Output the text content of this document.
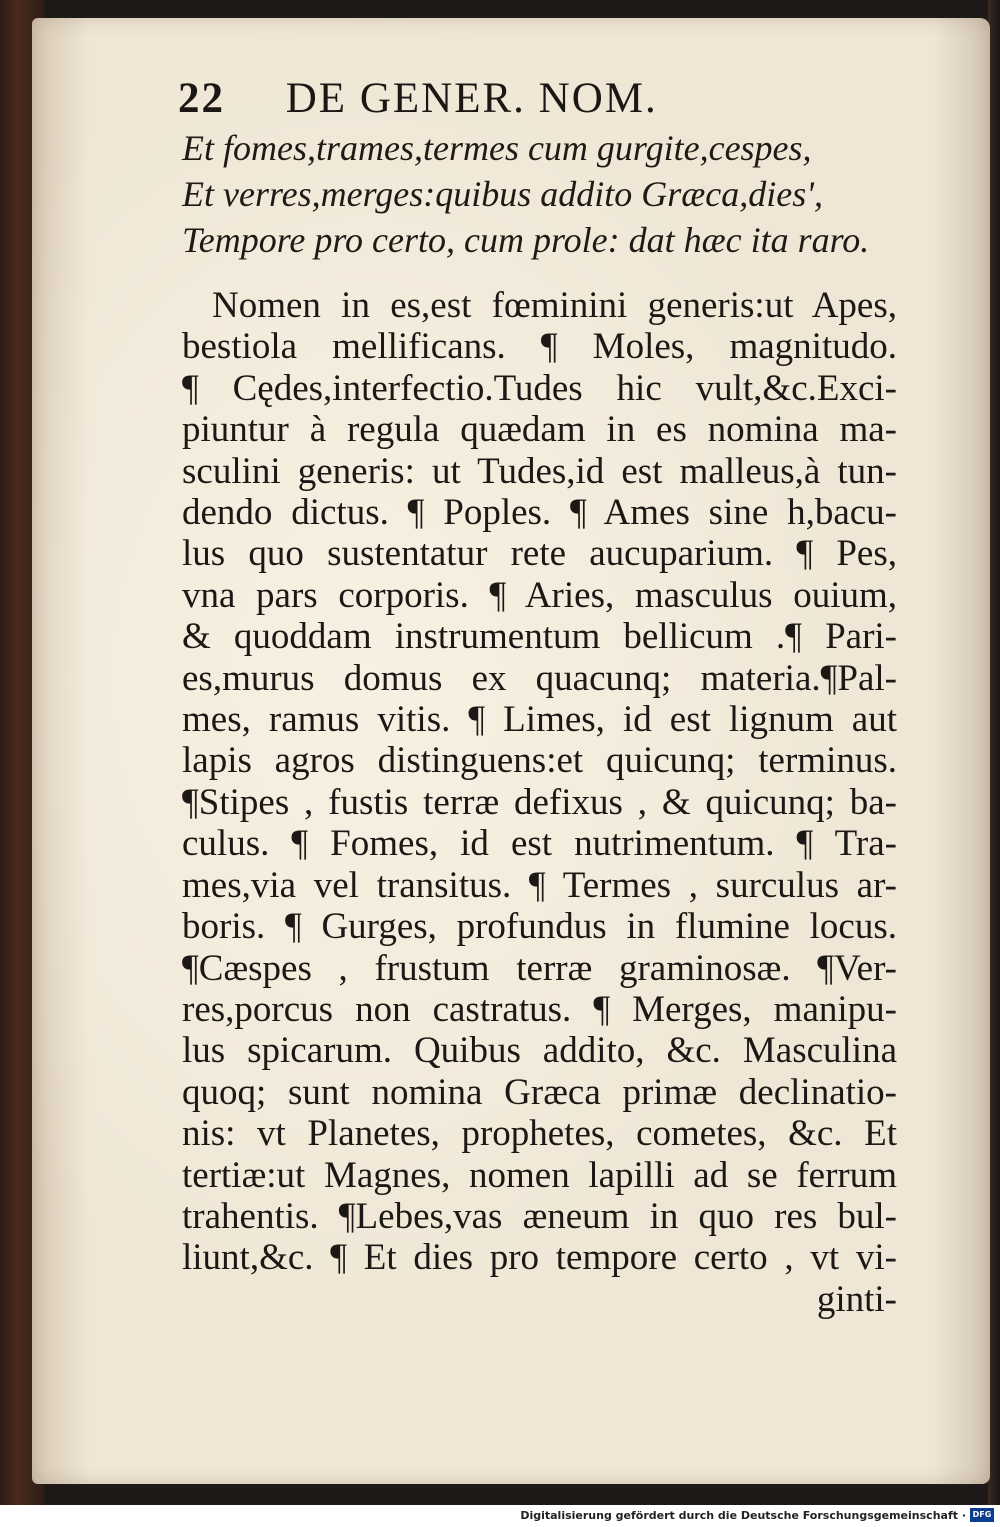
22 DE GENER. NOM.
Et fomes,trames,termes cum gurgite,cespes,
Et verres,merges:quibus addito Græca,dies',
Tempore pro certo, cum prole: dat hæc ita raro.
Nomen in es,est fœminini generis:ut Apes,
bestiola mellificans. ¶ Moles, magnitudo.
¶ Cędes,interfectio.Tudes hic vult,&c.Exci-
piuntur à regula quædam in es nomina ma-
sculini generis: ut Tudes,id est malleus,à tun-
dendo dictus. ¶ Poples. ¶ Ames sine h,bacu-
lus quo sustentatur rete aucuparium. ¶ Pes,
vna pars corporis. ¶ Aries, masculus ouium,
& quoddam instrumentum bellicum .¶ Pari-
es,murus domus ex quacunq; materia.¶Pal-
mes, ramus vitis. ¶ Limes, id est lignum aut
lapis agros distinguens:et quicunq; terminus.
¶Stipes , fustis terræ defixus , & quicunq; ba-
culus. ¶ Fomes, id est nutrimentum. ¶ Tra-
mes,via vel transitus. ¶ Termes , surculus ar-
boris. ¶ Gurges, profundus in flumine locus.
¶Cæspes , frustum terræ graminosæ. ¶Ver-
res,porcus non castratus. ¶ Merges, manipu-
lus spicarum. Quibus addito, &c. Masculina
quoq; sunt nomina Græca primæ declinatio-
nis: vt Planetes, prophetes, cometes, &c. Et
tertiæ:ut Magnes, nomen lapilli ad se ferrum
trahentis. ¶Lebes,vas æneum in quo res bul-
liunt,&c. ¶ Et dies pro tempore certo , vt vi-
ginti-
Digitalisierung gefördert durch die Deutsche Forschungsgemeinschaft · DFG
